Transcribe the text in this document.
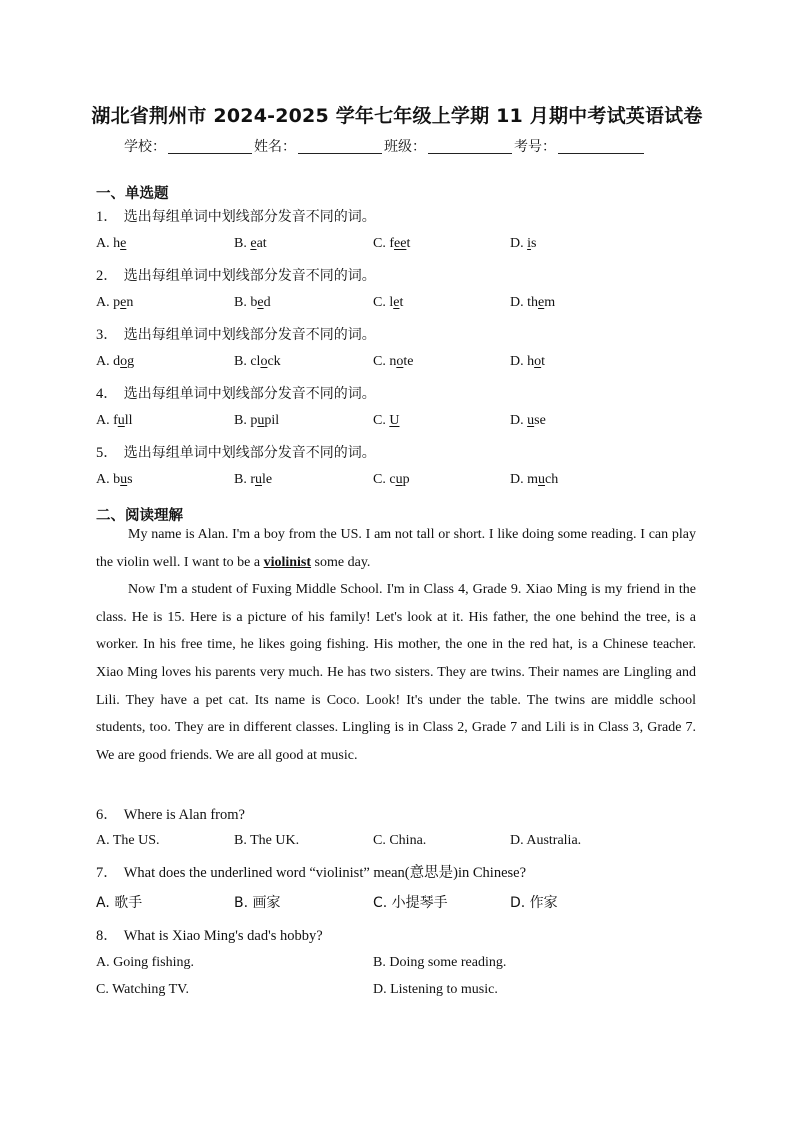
湖北省荆州市 2024-2025 学年七年级上学期 11 月期中考试英语试卷
学校：	姓名：	班级：	考号：
一、单选题
1． 选出每组单词中划线部分发音不同的词。
A. he	B. eat	C. feet	D. is
2． 选出每组单词中划线部分发音不同的词。
A. pen	B. bed	C. let	D. them
3． 选出每组单词中划线部分发音不同的词。
A. dog	B. clock	C. note	D. hot
4． 选出每组单词中划线部分发音不同的词。
A. full	B. pupil	C. U	D. use
5． 选出每组单词中划线部分发音不同的词。
A. bus	B. rule	C. cup	D. much
二、阅读理解

My name is Alan. I'm a boy from the US. I am not tall or short. I like doing some reading. I can play the violin well. I want to be a violinist some day.

Now I'm a student of Fuxing Middle School. I'm in Class 4, Grade 9. Xiao Ming is my friend in the class. He is 15. Here is a picture of his family! Let's look at it. His father, the one behind the tree, is a worker. In his free time, he likes going fishing. His mother, the one in the red hat, is a Chinese teacher. Xiao Ming loves his parents very much. He has two sisters. They are twins. Their names are Lingling and Lili. They have a pet cat. Its name is Coco. Look! It's under the table. The twins are middle school students, too. They are in different classes. Lingling is in Class 2, Grade 7 and Lili is in Class 3, Grade 7. We are good friends. We are all good at music.

6． Where is Alan from?
A. The US.	B. The UK.	C. China.	D. Australia.
7． What does the underlined word “violinist” mean(意思是)in Chinese?
A. 歌手	B. 画家	C. 小提琴手	D. 作家
8． What is Xiao Ming's dad's hobby?
A. Going fishing.	B. Doing some reading.
C. Watching TV.	D. Listening to music.
